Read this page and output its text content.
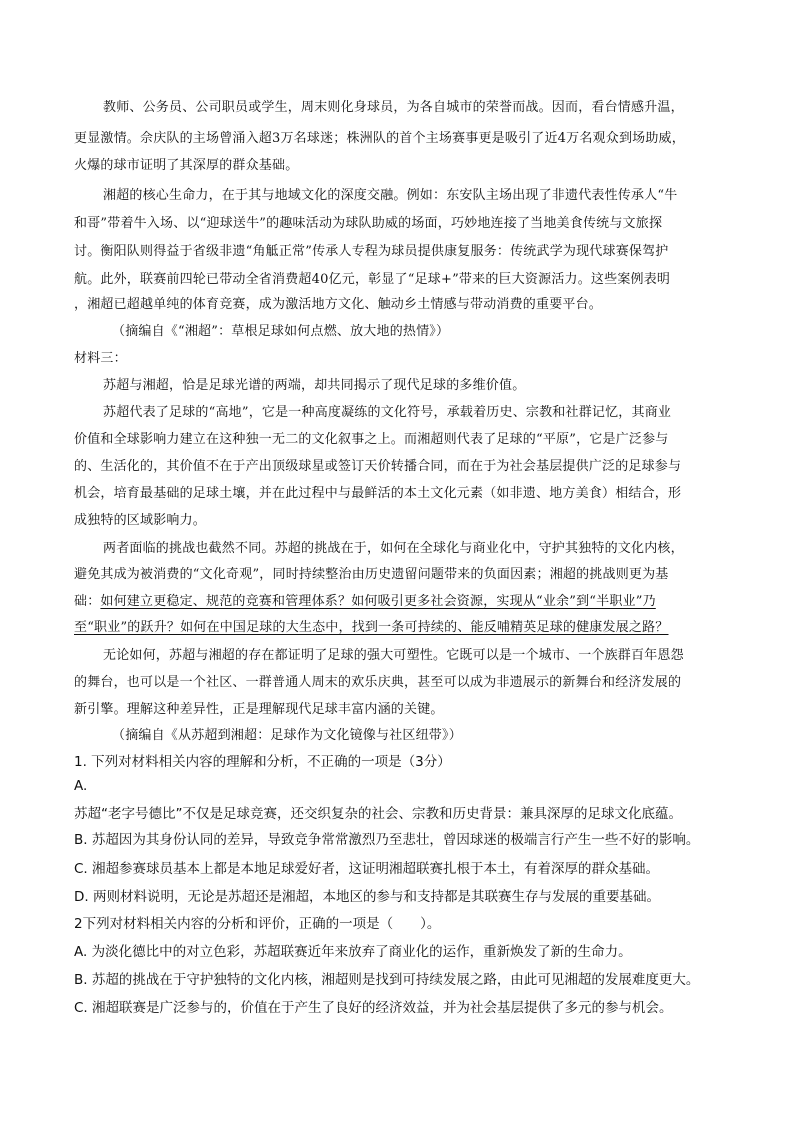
教师、公务员、公司职员或学生，周末则化身球员，为各自城市的荣誉而战。因而，看台情感升温，
更显激情。佘庆队的主场曾涌入超3万名球迷；株洲队的首个主场赛事更是吸引了近4万名观众到场助威，
火爆的球市证明了其深厚的群众基础。
湘超的核心生命力，在于其与地域文化的深度交融。例如：东安队主场出现了非遗代表性传承人“牛
和哥”带着牛入场、以“迎球送牛”的趣味活动为球队助威的场面，巧妙地连接了当地美食传统与文旅探
讨。衡阳队则得益于省级非遗“角觝正常”传承人专程为球员提供康复服务：传统武学为现代球赛保驾护
航。此外，联赛前四轮已带动全省消费超40亿元，彰显了“足球+”带来的巨大资源活力。这些案例表明
，湘超已超越单纯的体育竞赛，成为激活地方文化、触动乡土情感与带动消费的重要平台。
（摘编自《“湘超”：草根足球如何点燃、放大地的热情》）
材料三：
苏超与湘超，恰是足球光谱的两端，却共同揭示了现代足球的多维价值。
苏超代表了足球的“高地”，它是一种高度凝练的文化符号，承载着历史、宗教和社群记忆，其商业
价值和全球影响力建立在这种独一无二的文化叙事之上。而湘超则代表了足球的“平原”，它是广泛参与
的、生活化的，其价值不在于产出顶级球星或签订天价转播合同，而在于为社会基层提供广泛的足球参与
机会，培育最基础的足球土壤，并在此过程中与最鲜活的本土文化元素（如非遗、地方美食）相结合，形
成独特的区域影响力。
两者面临的挑战也截然不同。苏超的挑战在于，如何在全球化与商业化中，守护其独特的文化内核，
避免其成为被消费的“文化奇观”，同时持续整治由历史遗留问题带来的负面因素；湘超的挑战则更为基
础：如何建立更稳定、规范的竞赛和管理体系？如何吸引更多社会资源，实现从“业余”到“半职业”乃
至“职业”的跃升？如何在中国足球的大生态中，找到一条可持续的、能反哺精英足球的健康发展之路？
无论如何，苏超与湘超的存在都证明了足球的强大可塑性。它既可以是一个城市、一个族群百年恩怨
的舞台，也可以是一个社区、一群普通人周末的欢乐庆典，甚至可以成为非遗展示的新舞台和经济发展的
新引擎。理解这种差异性，正是理解现代足球丰富内涵的关键。
（摘编自《从苏超到湘超：足球作为文化镜像与社区纽带》）
1. 下列对材料相关内容的理解和分析，不正确的一项是（3分）
A.
苏超“老字号德比”不仅是足球竞赛，还交织复杂的社会、宗教和历史背景：兼具深厚的足球文化底蕴。
B. 苏超因为其身份认同的差异，导致竞争常常激烈乃至悲壮，曾因球迷的极端言行产生一些不好的影响。
C. 湘超参赛球员基本上都是本地足球爱好者，这证明湘超联赛扎根于本土，有着深厚的群众基础。
D. 两则材料说明，无论是苏超还是湘超，本地区的参与和支持都是其联赛生存与发展的重要基础。
2下列对材料相关内容的分析和评价，正确的一项是（　　）。
A. 为淡化德比中的对立色彩，苏超联赛近年来放弃了商业化的运作，重新焕发了新的生命力。
B. 苏超的挑战在于守护独特的文化内核，湘超则是找到可持续发展之路，由此可见湘超的发展难度更大。
C. 湘超联赛是广泛参与的，价值在于产生了良好的经济效益，并为社会基层提供了多元的参与机会。
